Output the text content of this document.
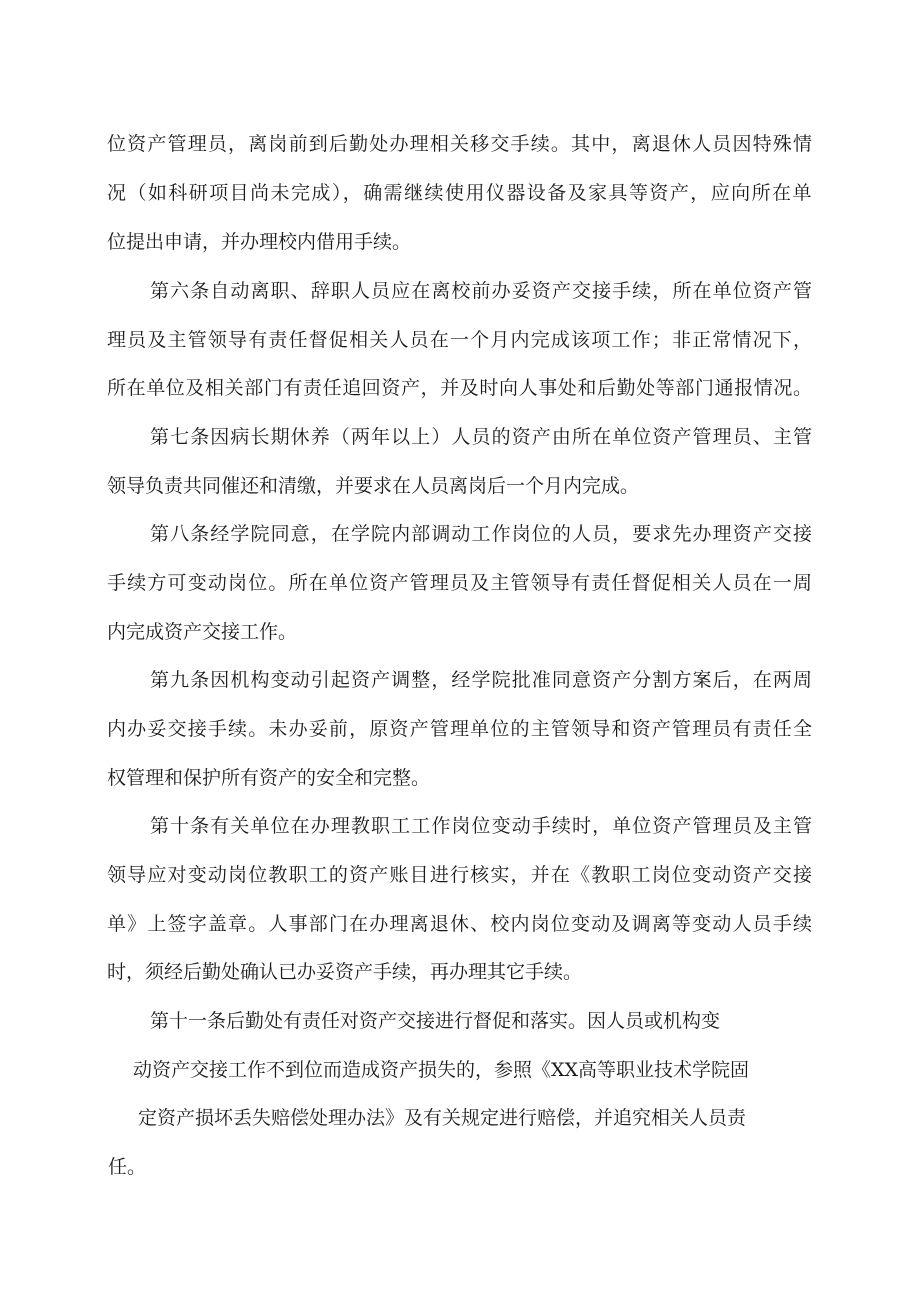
位资产管理员，离岗前到后勤处办理相关移交手续。其中，离退休人员因特殊情
况（如科研项目尚未完成），确需继续使用仪器设备及家具等资产，应向所在单
位提出申请，并办理校内借用手续。
第六条自动离职、辞职人员应在离校前办妥资产交接手续，所在单位资产管
理员及主管领导有责任督促相关人员在一个月内完成该项工作；非正常情况下，
所在单位及相关部门有责任追回资产，并及时向人事处和后勤处等部门通报情况。
第七条因病长期休养（两年以上）人员的资产由所在单位资产管理员、主管
领导负责共同催还和清缴，并要求在人员离岗后一个月内完成。
第八条经学院同意，在学院内部调动工作岗位的人员，要求先办理资产交接
手续方可变动岗位。所在单位资产管理员及主管领导有责任督促相关人员在一周
内完成资产交接工作。
第九条因机构变动引起资产调整，经学院批准同意资产分割方案后，在两周
内办妥交接手续。未办妥前，原资产管理单位的主管领导和资产管理员有责任全
权管理和保护所有资产的安全和完整。
第十条有关单位在办理教职工工作岗位变动手续时，单位资产管理员及主管
领导应对变动岗位教职工的资产账目进行核实，并在《教职工岗位变动资产交接
单》上签字盖章。人事部门在办理离退休、校内岗位变动及调离等变动人员手续
时，须经后勤处确认已办妥资产手续，再办理其它手续。
第十一条后勤处有责任对资产交接进行督促和落实。因人员或机构变
动资产交接工作不到位而造成资产损失的，参照《XX高等职业技术学院固
定资产损坏丢失赔偿处理办法》及有关规定进行赔偿，并追究相关人员责
任。
